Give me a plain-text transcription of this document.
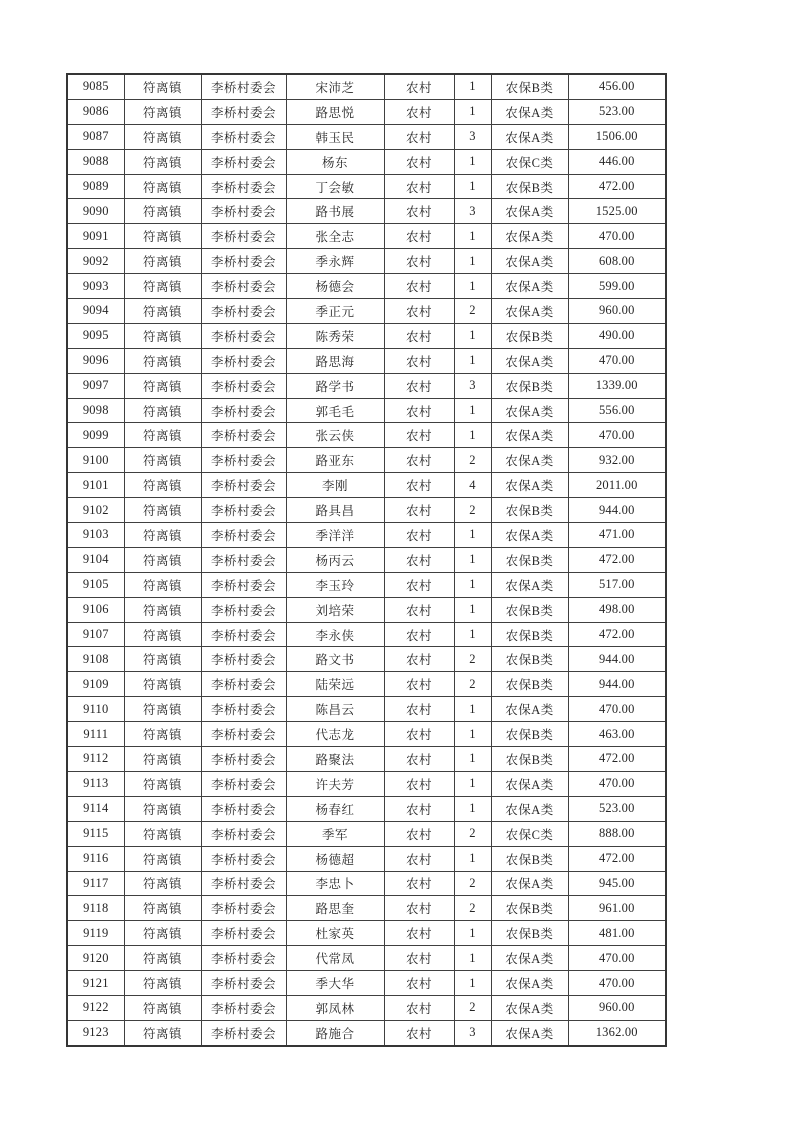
9085	符离镇	李桥村委会	宋沛芝	农村	1	农保B类	456.00
9086	符离镇	李桥村委会	路思悦	农村	1	农保A类	523.00
9087	符离镇	李桥村委会	韩玉民	农村	3	农保A类	1506.00
9088	符离镇	李桥村委会	杨东	农村	1	农保C类	446.00
9089	符离镇	李桥村委会	丁会敏	农村	1	农保B类	472.00
9090	符离镇	李桥村委会	路书展	农村	3	农保A类	1525.00
9091	符离镇	李桥村委会	张全志	农村	1	农保A类	470.00
9092	符离镇	李桥村委会	季永辉	农村	1	农保A类	608.00
9093	符离镇	李桥村委会	杨德会	农村	1	农保A类	599.00
9094	符离镇	李桥村委会	季正元	农村	2	农保A类	960.00
9095	符离镇	李桥村委会	陈秀荣	农村	1	农保B类	490.00
9096	符离镇	李桥村委会	路思海	农村	1	农保A类	470.00
9097	符离镇	李桥村委会	路学书	农村	3	农保B类	1339.00
9098	符离镇	李桥村委会	郭毛毛	农村	1	农保A类	556.00
9099	符离镇	李桥村委会	张云侠	农村	1	农保A类	470.00
9100	符离镇	李桥村委会	路亚东	农村	2	农保A类	932.00
9101	符离镇	李桥村委会	李刚	农村	4	农保A类	2011.00
9102	符离镇	李桥村委会	路具昌	农村	2	农保B类	944.00
9103	符离镇	李桥村委会	季洋洋	农村	1	农保A类	471.00
9104	符离镇	李桥村委会	杨丙云	农村	1	农保B类	472.00
9105	符离镇	李桥村委会	李玉玲	农村	1	农保A类	517.00
9106	符离镇	李桥村委会	刘培荣	农村	1	农保B类	498.00
9107	符离镇	李桥村委会	李永侠	农村	1	农保B类	472.00
9108	符离镇	李桥村委会	路文书	农村	2	农保B类	944.00
9109	符离镇	李桥村委会	陆荣远	农村	2	农保B类	944.00
9110	符离镇	李桥村委会	陈昌云	农村	1	农保A类	470.00
9111	符离镇	李桥村委会	代志龙	农村	1	农保B类	463.00
9112	符离镇	李桥村委会	路聚法	农村	1	农保B类	472.00
9113	符离镇	李桥村委会	许夫芳	农村	1	农保A类	470.00
9114	符离镇	李桥村委会	杨春红	农村	1	农保A类	523.00
9115	符离镇	李桥村委会	季军	农村	2	农保C类	888.00
9116	符离镇	李桥村委会	杨德超	农村	1	农保B类	472.00
9117	符离镇	李桥村委会	李忠卜	农村	2	农保A类	945.00
9118	符离镇	李桥村委会	路思奎	农村	2	农保B类	961.00
9119	符离镇	李桥村委会	杜家英	农村	1	农保B类	481.00
9120	符离镇	李桥村委会	代常凤	农村	1	农保A类	470.00
9121	符离镇	李桥村委会	季大华	农村	1	农保A类	470.00
9122	符离镇	李桥村委会	郭凤林	农村	2	农保A类	960.00
9123	符离镇	李桥村委会	路施合	农村	3	农保A类	1362.00
